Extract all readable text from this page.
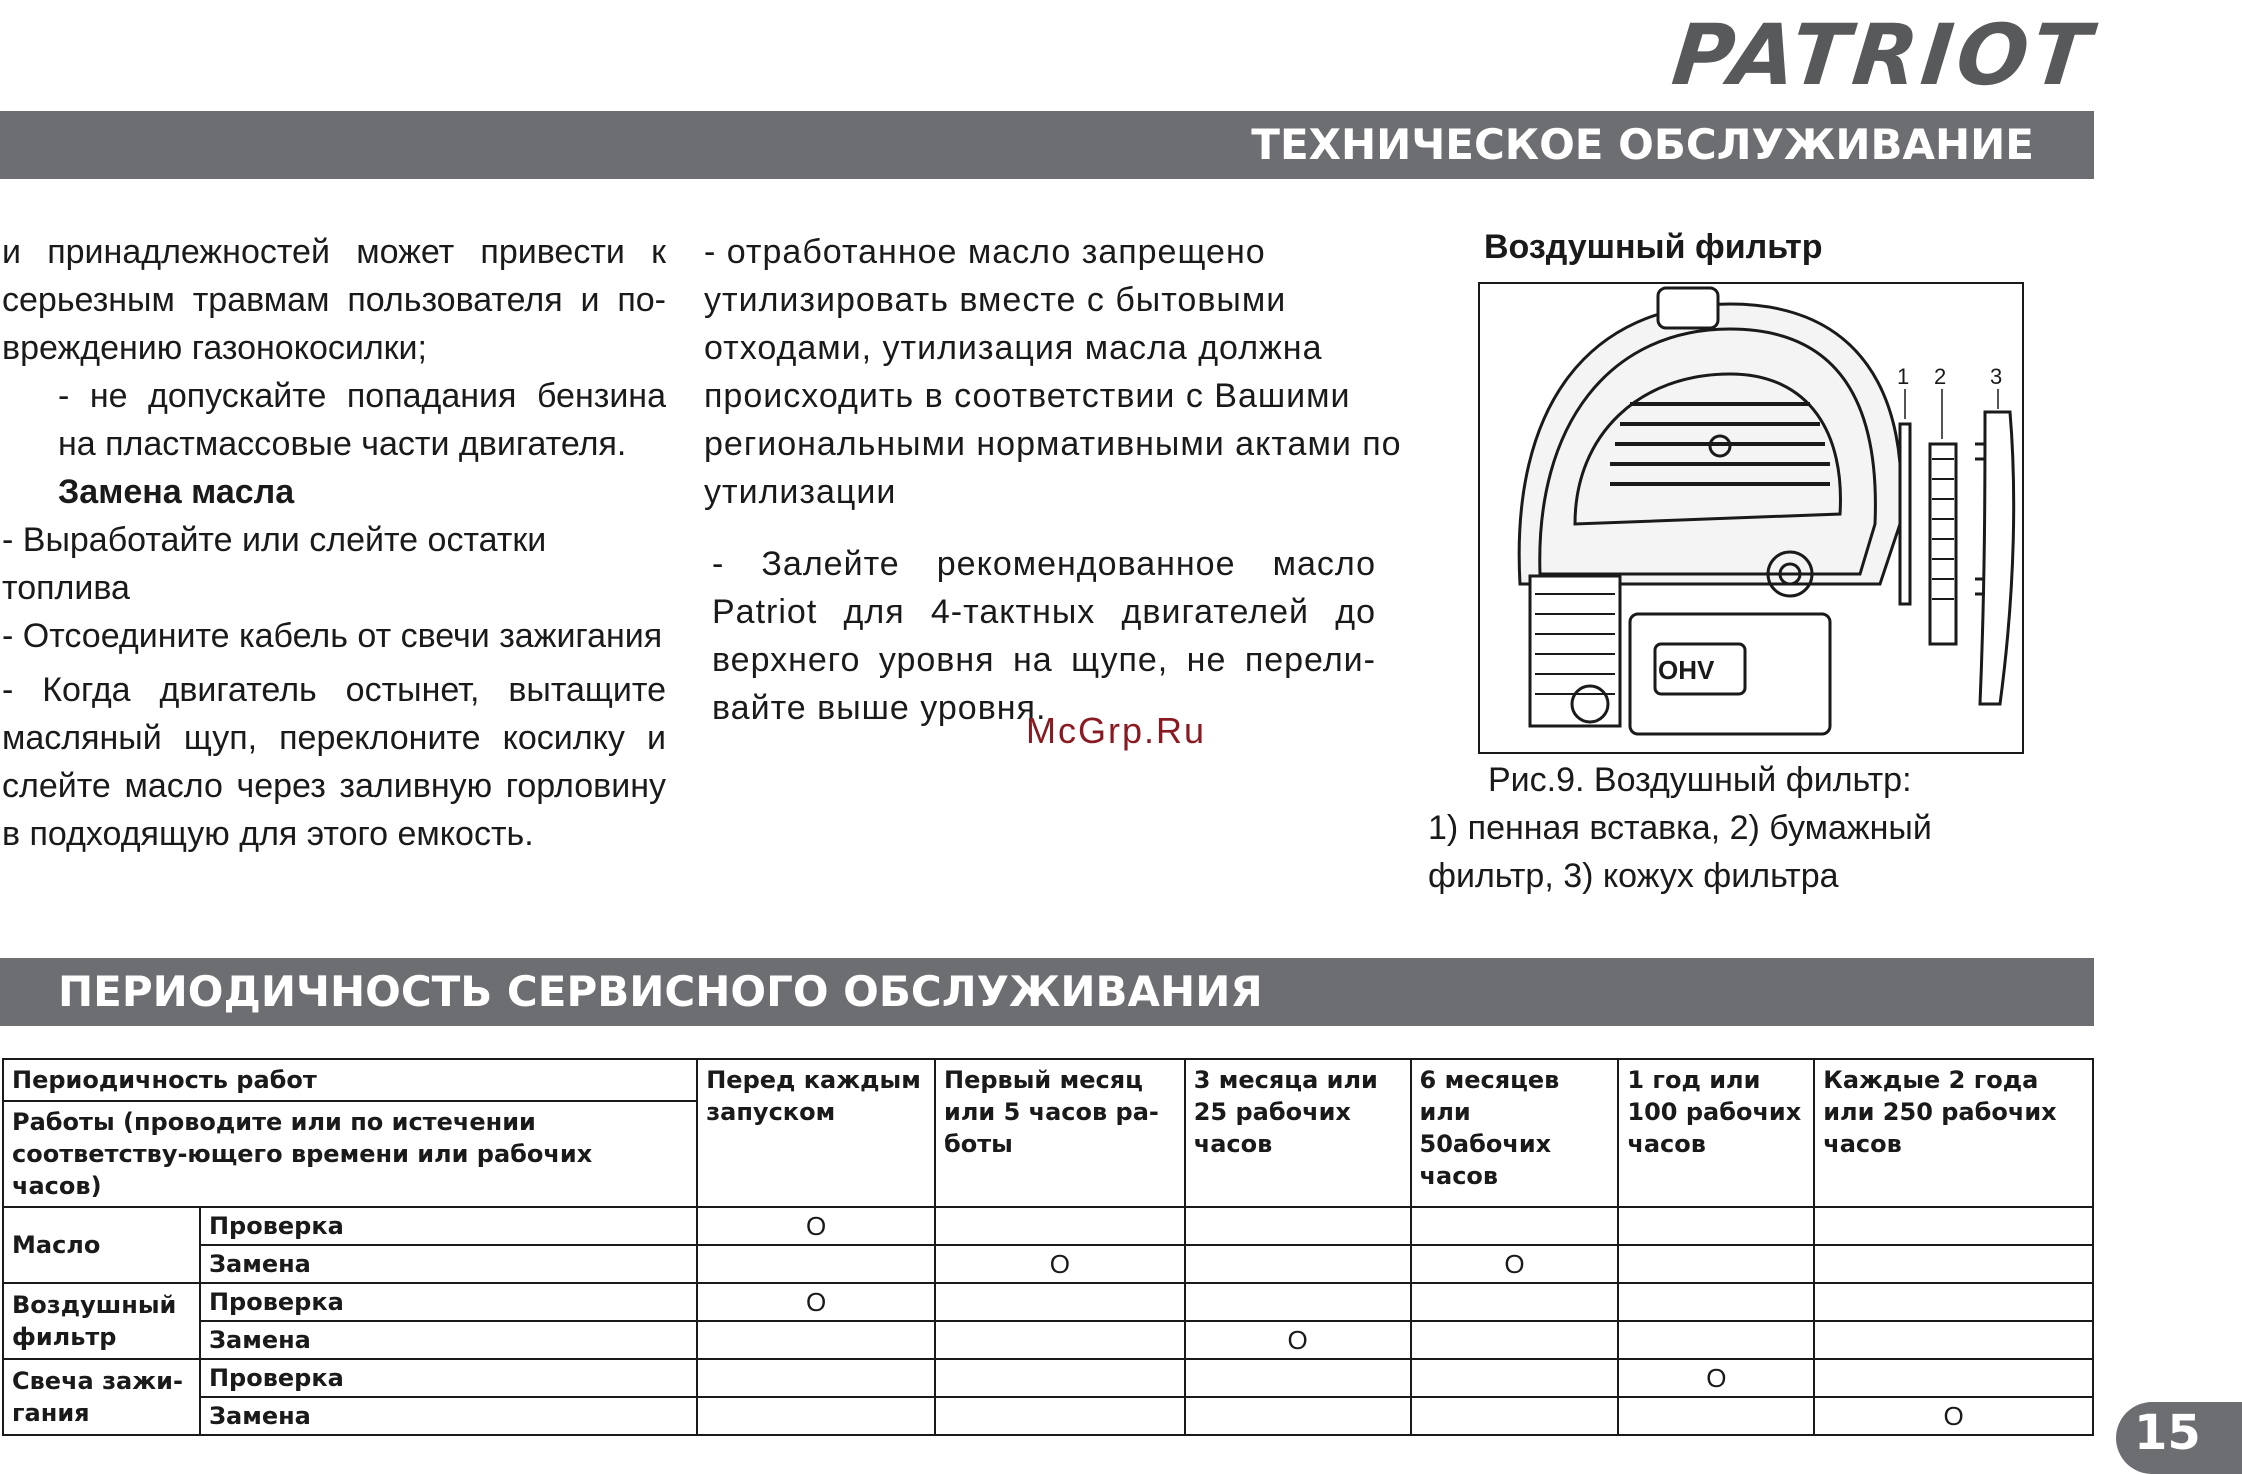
PATRIOT
ТЕХНИЧЕСКОЕ ОБСЛУЖИВАНИЕ

и принадлежностей может привести к серьезным травмам пользователя и по-вреждению газонокосилки;

- не допускайте попадания бензина на пластмассовые части двигателя.

Замена масла

- Выработайте или слейте остатки топлива

- Отсоедините кабель от свечи зажигания

- Когда двигатель остынет, вытащите масляный щуп, переклоните косилку и слейте масло через заливную горловину в подходящую для этого емкость.

- отработанное масло запрещено утилизировать вместе с бытовыми отходами, утилизация масла должна происходить в соответствии с Вашими региональными нормативными актами по утилизации

- Залейте рекомендованное масло Patriot для 4-тактных двигателей до верхнего уровня на щупе, не перели-вайте выше уровня.

Воздушный фильтр
OHV
1 2 3
Рис.9. Воздушный фильтр:
1) пенная вставка, 2) бумажный фильтр, 3) кожух фильтра
McGrp.Ru
ПЕРИОДИЧНОСТЬ СЕРВИСНОГО ОБСЛУЖИВАНИЯ
Периодичность работ		Перед каждым запуском	Первый месяц или 5 часов ра-боты	3 месяца или 25 рабочих часов	6 месяцев или 50абочих часов	1 год или 100 рабочих часов	Каждые 2 года или 250 рабочих часов
Работы (проводите или по истечении соответству-ющего времени или рабочих часов)							
Масло	Проверка	O					
	Замена		O		O		
Воздушный фильтр	Проверка	O					
	Замена			O			
Свеча зажи-гания	Проверка					O	
	Замена						O	15
